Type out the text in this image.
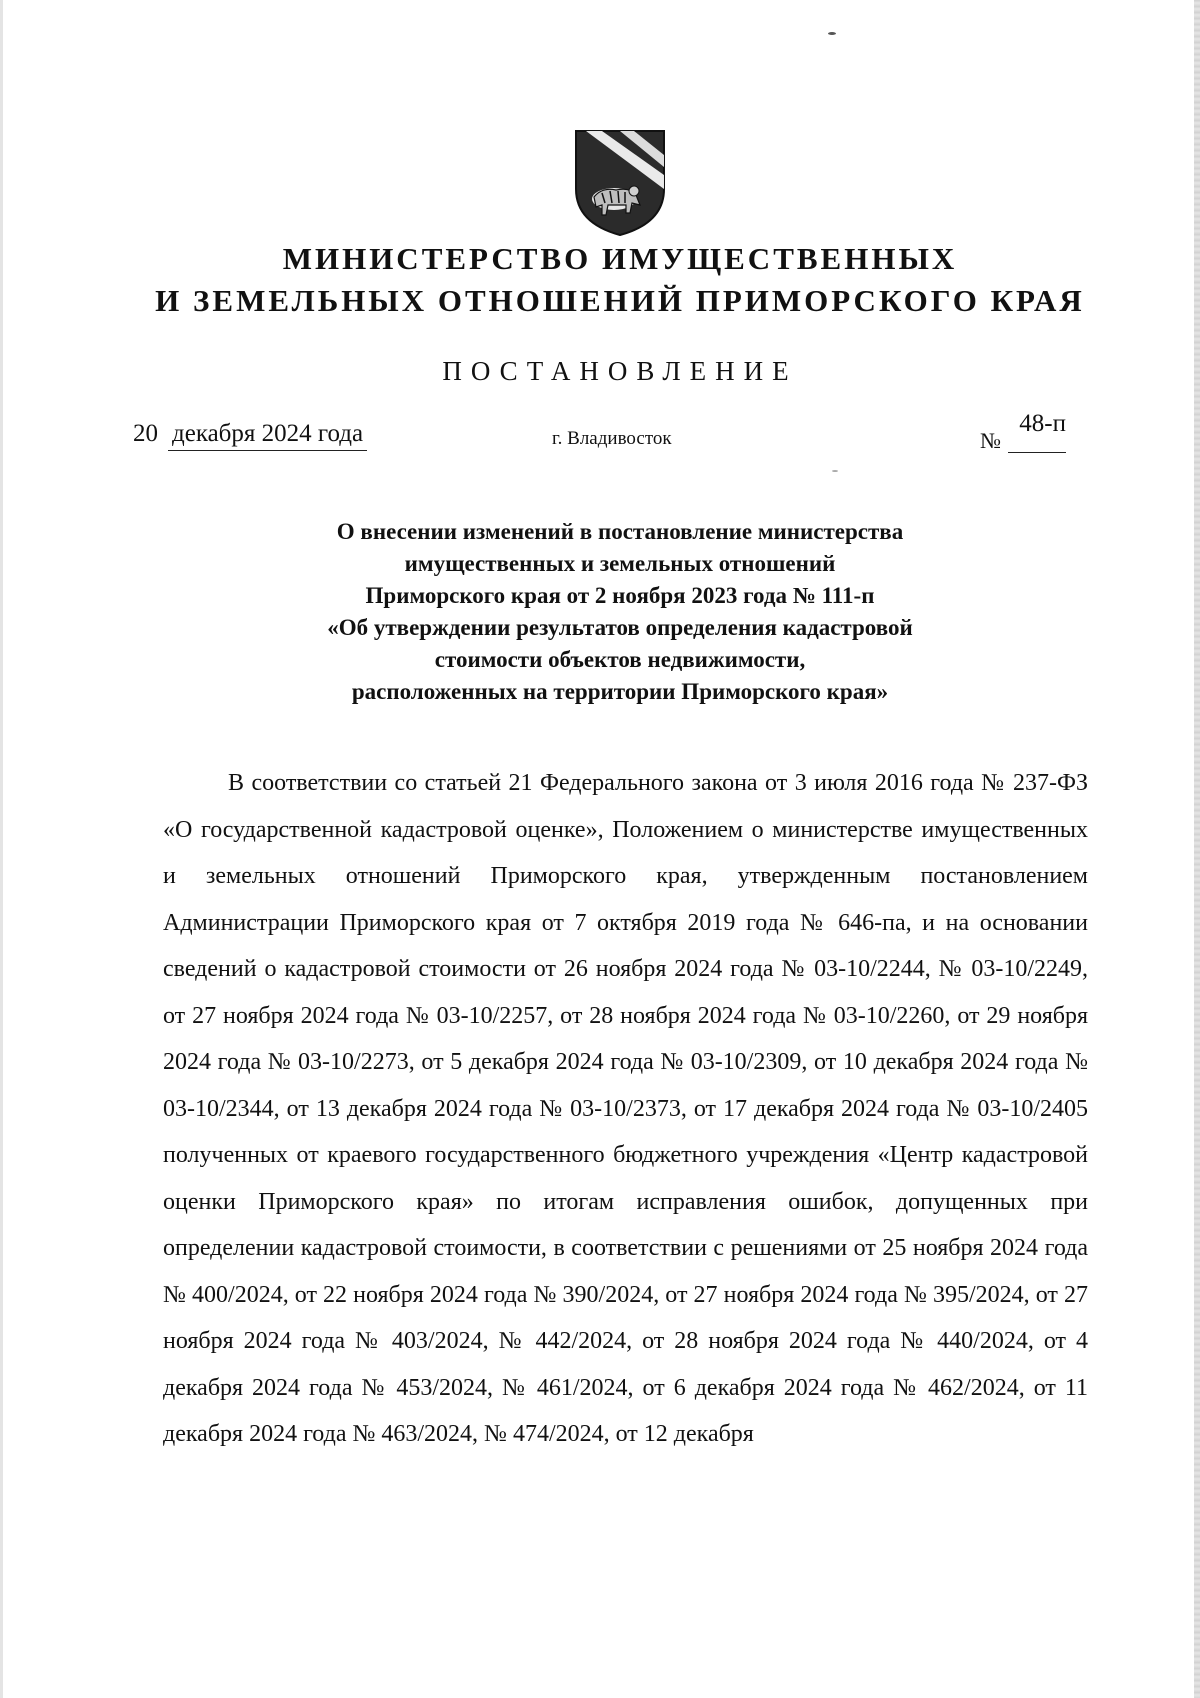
МИНИСТЕРСТВО ИМУЩЕСТВЕННЫХ
И ЗЕМЕЛЬНЫХ ОТНОШЕНИЙ ПРИМОРСКОГО КРАЯ
ПОСТАНОВЛЕНИЕ
20 декабря 2024 года	г. Владивосток	№
48-п
О внесении изменений в постановление министерства
имущественных и земельных отношений
Приморского края от 2 ноября 2023 года № 111-п
«Об утверждении результатов определения кадастровой
стоимости объектов недвижимости,
расположенных на территории Приморского края»
В соответствии со статьей 21 Федерального закона от 3 июля 2016 года № 237-ФЗ «О государственной кадастровой оценке», Положением о министерстве имущественных и земельных отношений Приморского края, утвержденным постановлением Администрации Приморского края от 7 октября 2019 года № 646-па, и на основании сведений о кадастровой стоимости от 26 ноября 2024 года № 03-10/2244, № 03-10/2249, от 27 ноября 2024 года № 03-10/2257, от 28 ноября 2024 года № 03-10/2260, от 29 ноября 2024 года № 03-10/2273, от 5 декабря 2024 года № 03-10/2309, от 10 декабря 2024 года № 03-10/2344, от 13 декабря 2024 года № 03-10/2373, от 17 декабря 2024 года № 03-10/2405 полученных от краевого государственного бюджетного учреждения «Центр кадастровой оценки Приморского края» по итогам исправления ошибок, допущенных при определении кадастровой стоимости, в соответствии с решениями от 25 ноября 2024 года № 400/2024, от 22 ноября 2024 года № 390/2024, от 27 ноября 2024 года № 395/2024, от 27 ноября 2024 года № 403/2024, № 442/2024, от 28 ноября 2024 года № 440/2024, от 4 декабря 2024 года № 453/2024, № 461/2024, от 6 декабря 2024 года № 462/2024, от 11 декабря 2024 года № 463/2024, № 474/2024, от 12 декабря
